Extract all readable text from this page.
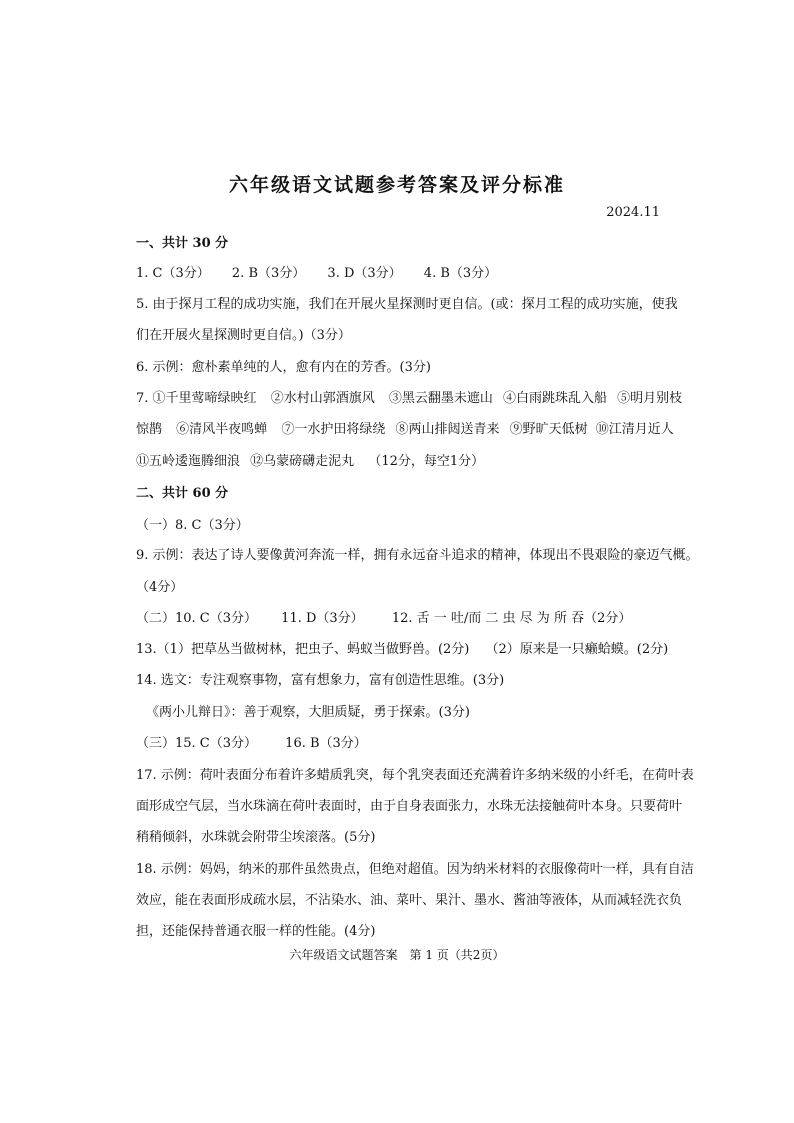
六年级语文试题参考答案及评分标准
2024.11
一、共计 30 分
1. C（3分） 2. B（3分） 3. D（3分） 4. B（3分）
5. 由于探月工程的成功实施，我们在开展火星探测时更自信。(或：探月工程的成功实施，使我
们在开展火星探测时更自信。)（3分）
6. 示例：愈朴素单纯的人，愈有内在的芳香。(3分)
7. ①千里莺啼绿映红 ②水村山郭酒旗风 ③黑云翻墨未遮山 ④白雨跳珠乱入船 ⑤明月别枝
惊鹊 ⑥清风半夜鸣蝉 ⑦一水护田将绿绕 ⑧两山排闼送青来 ⑨野旷天低树 ⑩江清月近人
⑪五岭逶迤腾细浪 ⑫乌蒙磅礴走泥丸 （12分，每空1分）
二、共计 60 分
（一）8. C（3分）
9. 示例：表达了诗人要像黄河奔流一样，拥有永远奋斗追求的精神，体现出不畏艰险的豪迈气概。
（4分）
（二）10. C（3分） 11. D（3分） 12. 舌 一 吐/而 二 虫 尽 为 所 吞（2分）
13.（1）把草丛当做树林，把虫子、蚂蚁当做野兽。(2分) （2）原来是一只癞蛤蟆。(2分)
14. 选文：专注观察事物，富有想象力，富有创造性思维。(3分)
《两小儿辩日》：善于观察，大胆质疑，勇于探索。(3分)
（三）15. C（3分） 16. B（3分）
17. 示例：荷叶表面分布着许多蜡质乳突，每个乳突表面还充满着许多纳米级的小纤毛，在荷叶表
面形成空气层，当水珠滴在荷叶表面时，由于自身表面张力，水珠无法接触荷叶本身。只要荷叶
稍稍倾斜，水珠就会附带尘埃滚落。(5分)
18. 示例：妈妈，纳米的那件虽然贵点，但绝对超值。因为纳米材料的衣服像荷叶一样，具有自洁
效应，能在表面形成疏水层，不沾染水、油、菜叶、果汁、墨水、酱油等液体，从而减轻洗衣负
担，还能保持普通衣服一样的性能。(4分)
六年级语文试题答案　第 1 页（共2页）
